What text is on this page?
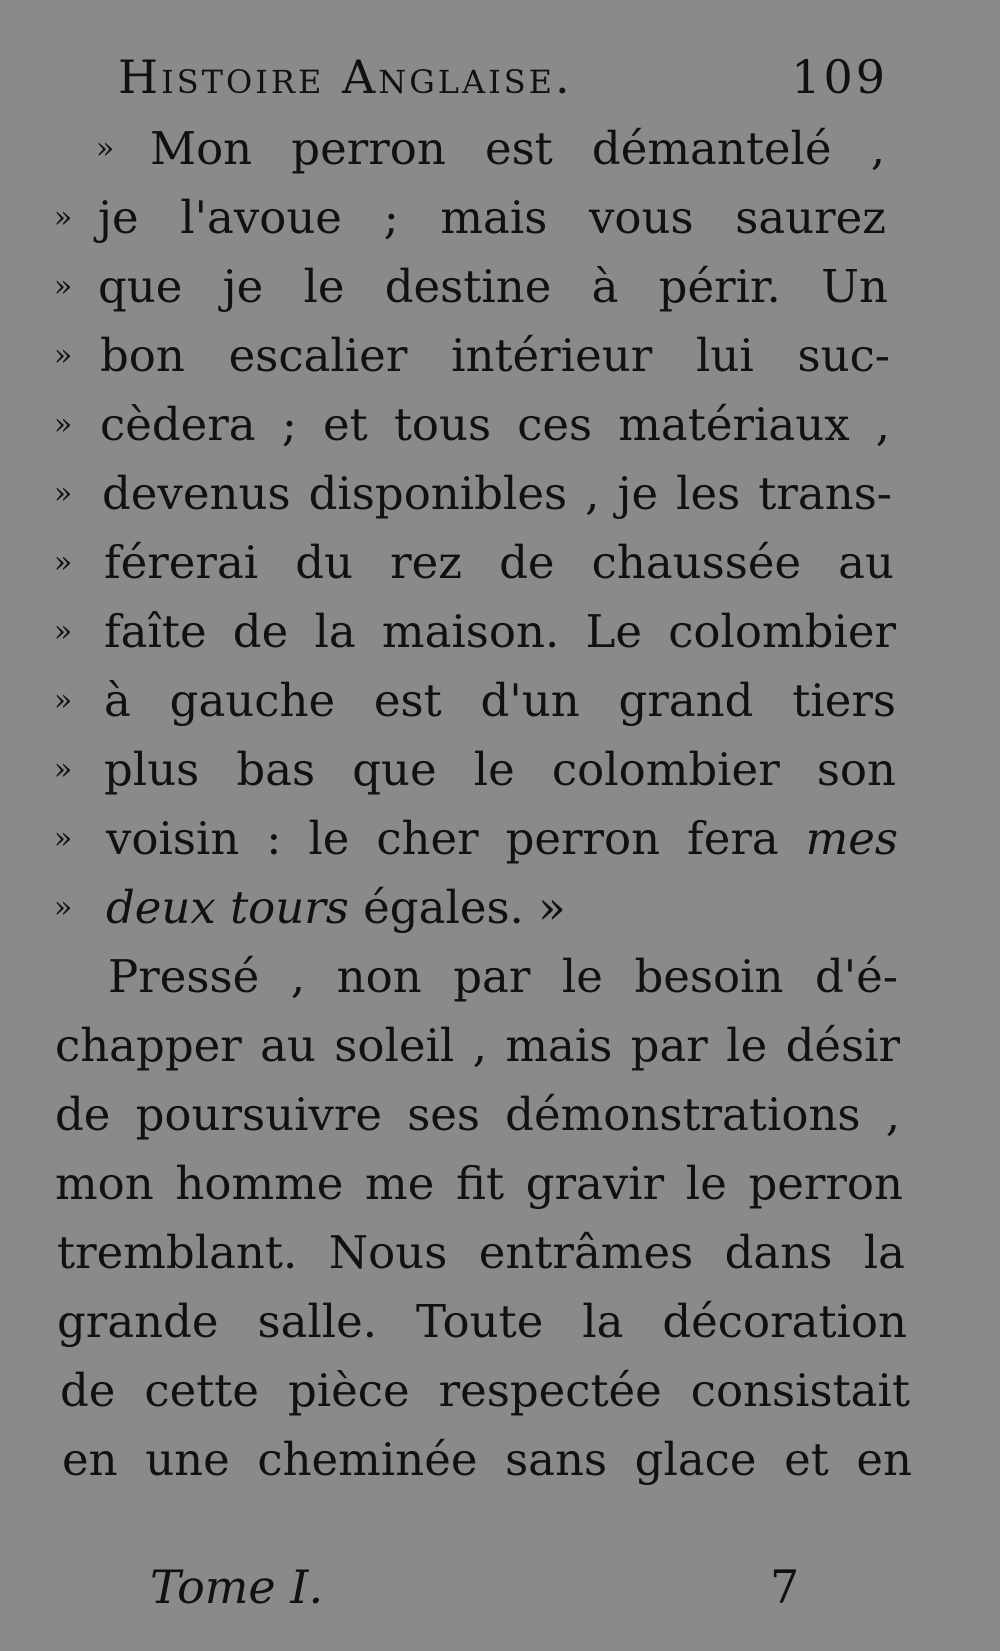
Histoire Anglaise.	109
» Mon perron est démantelé ,
» je l'avoue ; mais vous saurez
» que je le destine à périr. Un
» bon escalier intérieur lui suc-
» cèdera ; et tous ces matériaux ,
» devenus disponibles , je les trans-
» férerai du rez de chaussée au
» faîte de la maison. Le colombier
» à gauche est d'un grand tiers
» plus bas que le colombier son
» voisin : le cher perron fera mes
» deux tours égales. »
Pressé , non par le besoin d'é-
chapper au soleil , mais par le désir
de poursuivre ses démonstrations ,
mon homme me fit gravir le perron
tremblant. Nous entrâmes dans la
grande salle. Toute la décoration
de cette pièce respectée consistait
en une cheminée sans glace et en
Tome I.	7
